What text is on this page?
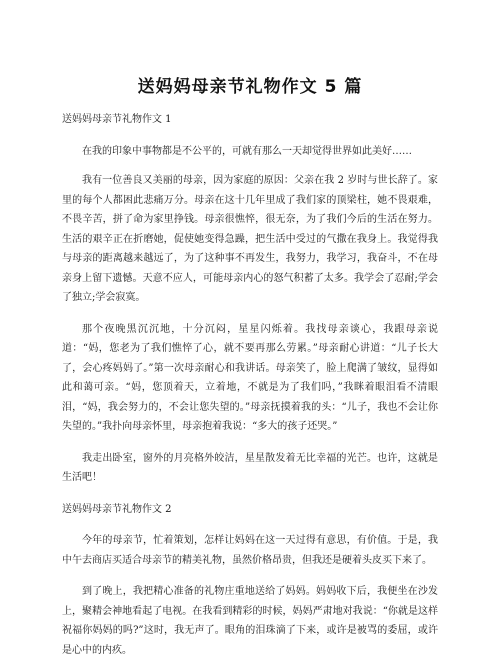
送妈妈母亲节礼物作文 5 篇

送妈妈母亲节礼物作文 1

在我的印象中事物都是不公平的，可就有那么一天却觉得世界如此美好……

我有一位善良又美丽的母亲，因为家庭的原因：父亲在我 2 岁时与世长辞了。家里的每个人都困此悲痛万分。母亲在这十几年里成了我们家的顶梁柱，她不畏艰难，不畏辛苦，拼了命为家里挣钱。母亲很憔悴，很无奈，为了我们今后的生活在努力。生活的艰辛正在折磨她，促使她变得急躁，把生活中受过的气撒在我身上。我觉得我与母亲的距离越来越远了，为了这种事不再发生，我努力，我学习，我奋斗，不在母亲身上留下遗憾。天意不应人，可能母亲内心的怒气积蓄了太多。我学会了忍耐;学会了独立;学会寂寞。

那个夜晚黑沉沉地，十分沉闷，星星闪烁着。我找母亲谈心，我跟母亲说道：“妈，您老为了我们憔悴了心，就不要再那么劳累。”母亲耐心讲道：“儿子长大了，会心疼妈妈了。”第一次母亲耐心和我讲话。母亲笑了，脸上爬满了皱纹，显得如此和蔼可亲。“妈，您顶着天，立着地，不就是为了我们吗，”我眯着眼泪看不清眼泪，“妈，我会努力的，不会让您失望的。”母亲抚摸着我的头：“儿子，我也不会让你失望的。”我扑向母亲怀里，母亲抱着我说：“多大的孩子还哭。”

我走出卧室，窗外的月亮格外皎洁，星星散发着无比幸福的光芒。也许，这就是生活吧！

送妈妈母亲节礼物作文 2

今年的母亲节，忙着策划，怎样让妈妈在这一天过得有意思，有价值。于是，我中午去商店买适合母亲节的精美礼物，虽然价格昂贵，但我还是硬着头皮买下来了。

到了晚上，我把精心准备的礼物庄重地送给了妈妈。妈妈收下后，我便坐在沙发上，聚精会神地看起了电视。在我看到精彩的时候，妈妈严肃地对我说：“你就是这样祝福你妈妈的吗?”这时，我无声了。眼角的泪珠滴了下来，或许是被骂的委屈，或许是心中的内疚。
